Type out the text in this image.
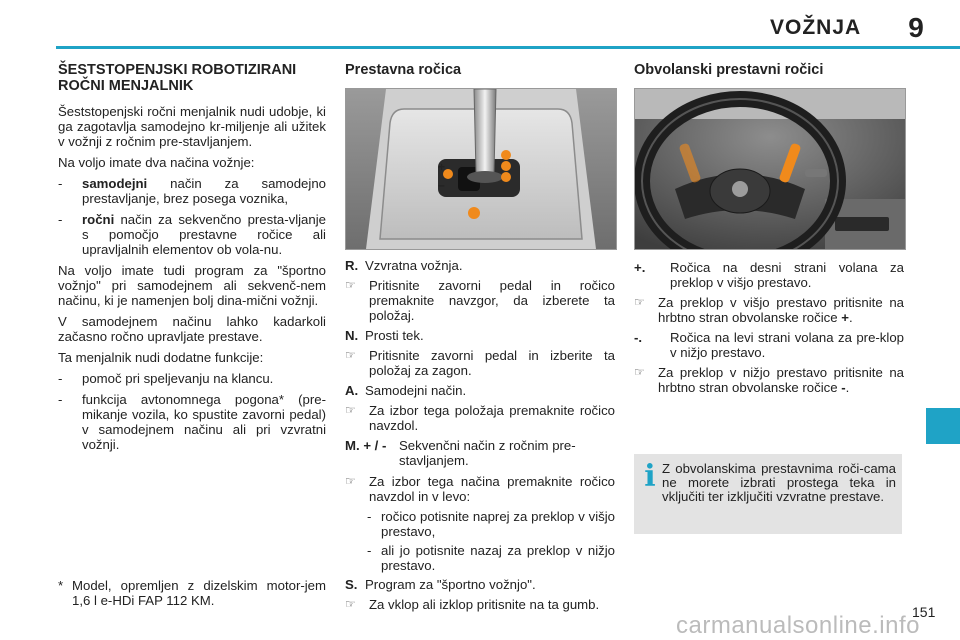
VOŽNJA	9
ŠESTSTOPENJSKI ROBOTIZIRANI ROČNI MENJALNIK

Šeststopenjski ročni menjalnik nudi udobje, ki ga zagotavlja samodejno kr-miljenje ali užitek v vožnji z ročnim pre-stavljanjem.

Na voljo imate dva načina vožnje:

- samodejni način za samodejno prestavljanje, brez posega voznika,
- ročni način za sekvenčno presta-vljanje s pomočjo prestavne ročice ali upravljalnih elementov ob vola-nu.

Na voljo imate tudi program za "športno vožnjo" pri samodejnem ali sekvenč-nem načinu, ki je namenjen bolj dina-mični vožnji.

V samodejnem načinu lahko kadarkoli začasno ročno upravljate prestave.

Ta menjalnik nudi dodatne funkcije:

- pomoč pri speljevanju na klancu.
- funkcija avtonomnega pogona* (pre-mikanje vozila, ko spustite zavorni pedal) v samodejnem načinu ali pri vzvratni vožnji.
* Model, opremljen z dizelskim motor-jem 1,6 l e-HDi FAP 112 KM.
Prestavna ročica
+
–
R. Vzvratna vožnja.
☞ Pritisnite zavorni pedal in ročico premaknite navzgor, da izberete ta položaj.
N. Prosti tek.
☞ Pritisnite zavorni pedal in izberite ta položaj za zagon.
A. Samodejni način.
☞ Za izbor tega položaja premaknite ročico navzdol.
M. + / - Sekvenčni način z ročnim pre-stavljanjem.
☞ Za izbor tega načina premaknite ročico navzdol in v levo:
- ročico potisnite naprej za preklop v višjo prestavo,
- ali jo potisnite nazaj za preklop v nižjo prestavo.
S. Program za "športno vožnjo".
☞ Za vklop ali izklop pritisnite na ta gumb.
Obvolanski prestavni ročici
+. Ročica na desni strani volana za preklop v višjo prestavo.
☞ Za preklop v višjo prestavo pritisnite na hrbtno stran obvolanske ročice +.
-. Ročica na levi strani volana za pre-klop v nižjo prestavo.
☞ Za preklop v nižjo prestavo pritisnite na hrbtno stran obvolanske ročice -.
i Z obvolanskima prestavnima roči-cama ne morete izbrati prostega teka in vključiti ter izključiti vzvratne prestave.
151
carmanualsonline.info
